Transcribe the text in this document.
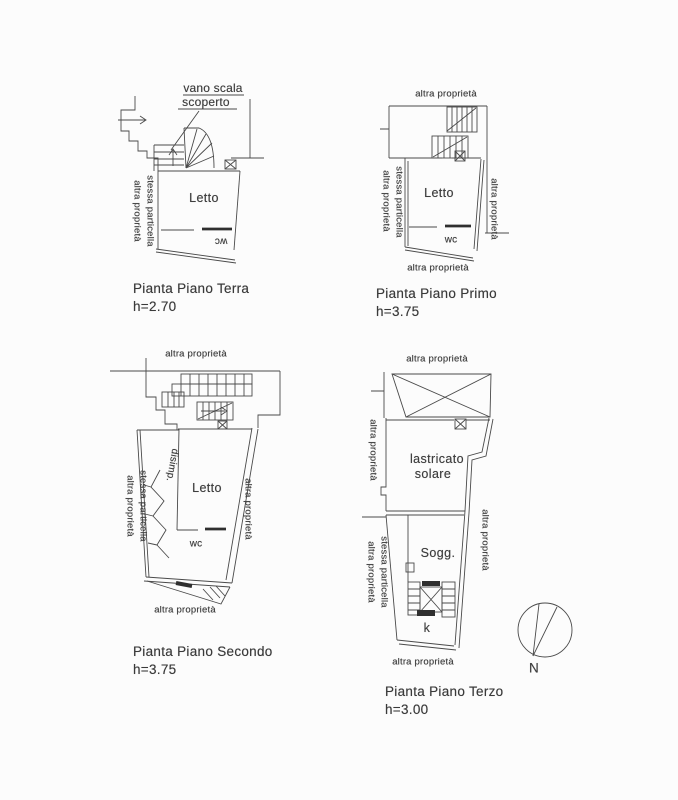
vano scala
scoperto
stessa particella
altra proprietà	Letto
wc
Pianta Piano Terra
h=2.70
altra proprietà
stessa particella
altra proprietà	altra proprietà
Letto
wc
altra proprietà
Pianta Piano Primo
h=3.75
altra proprietà
disimp.
Letto
wc
stessa particella
altra proprietà	altra proprietà
altra proprietà
Pianta Piano Secondo
h=3.75
altra proprietà
lastricato
solare
altra proprietà
stessa particella
altra proprietà
altra proprietà
Sogg.
k
altra proprietà
Pianta Piano Terzo
h=3.00
N
